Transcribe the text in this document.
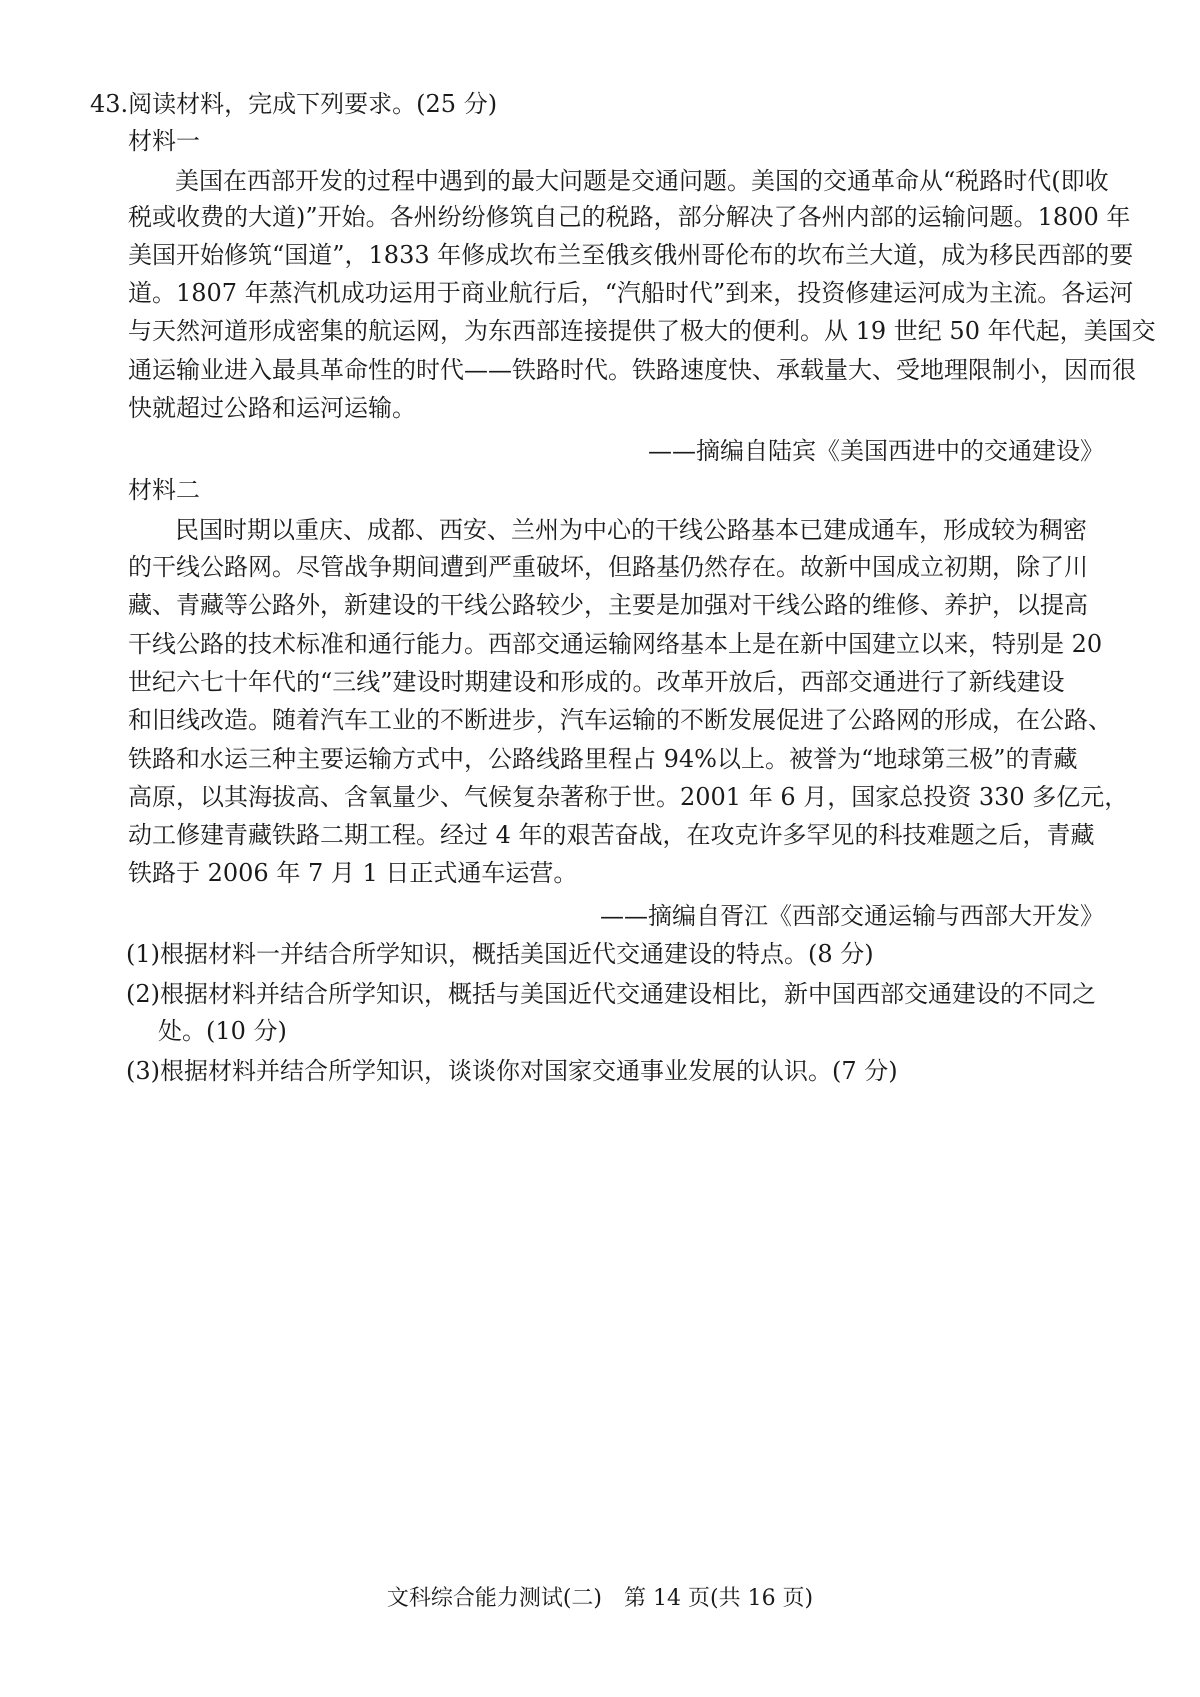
43.阅读材料，完成下列要求。(25 分)
材料一
美国在西部开发的过程中遇到的最大问题是交通问题。美国的交通革命从“税路时代(即收
税或收费的大道)”开始。各州纷纷修筑自己的税路，部分解决了各州内部的运输问题。1800 年
美国开始修筑“国道”，1833 年修成坎布兰至俄亥俄州哥伦布的坎布兰大道，成为移民西部的要
道。1807 年蒸汽机成功运用于商业航行后，“汽船时代”到来，投资修建运河成为主流。各运河
与天然河道形成密集的航运网，为东西部连接提供了极大的便利。从 19 世纪 50 年代起，美国交
通运输业进入最具革命性的时代——铁路时代。铁路速度快、承载量大、受地理限制小，因而很
快就超过公路和运河运输。
——摘编自陆宾《美国西进中的交通建设》
材料二
民国时期以重庆、成都、西安、兰州为中心的干线公路基本已建成通车，形成较为稠密
的干线公路网。尽管战争期间遭到严重破坏，但路基仍然存在。故新中国成立初期，除了川
藏、青藏等公路外，新建设的干线公路较少，主要是加强对干线公路的维修、养护，以提高
干线公路的技术标准和通行能力。西部交通运输网络基本上是在新中国建立以来，特别是 20
世纪六七十年代的“三线”建设时期建设和形成的。改革开放后，西部交通进行了新线建设
和旧线改造。随着汽车工业的不断进步，汽车运输的不断发展促进了公路网的形成，在公路、
铁路和水运三种主要运输方式中，公路线路里程占 94%以上。被誉为“地球第三极”的青藏
高原，以其海拔高、含氧量少、气候复杂著称于世。2001 年 6 月，国家总投资 330 多亿元，
动工修建青藏铁路二期工程。经过 4 年的艰苦奋战，在攻克许多罕见的科技难题之后，青藏
铁路于 2006 年 7 月 1 日正式通车运营。
——摘编自胥江《西部交通运输与西部大开发》
(1)根据材料一并结合所学知识，概括美国近代交通建设的特点。(8 分)
(2)根据材料并结合所学知识，概括与美国近代交通建设相比，新中国西部交通建设的不同之
处。(10 分)
(3)根据材料并结合所学知识，谈谈你对国家交通事业发展的认识。(7 分)
文科综合能力测试(二)　第 14 页(共 16 页)
